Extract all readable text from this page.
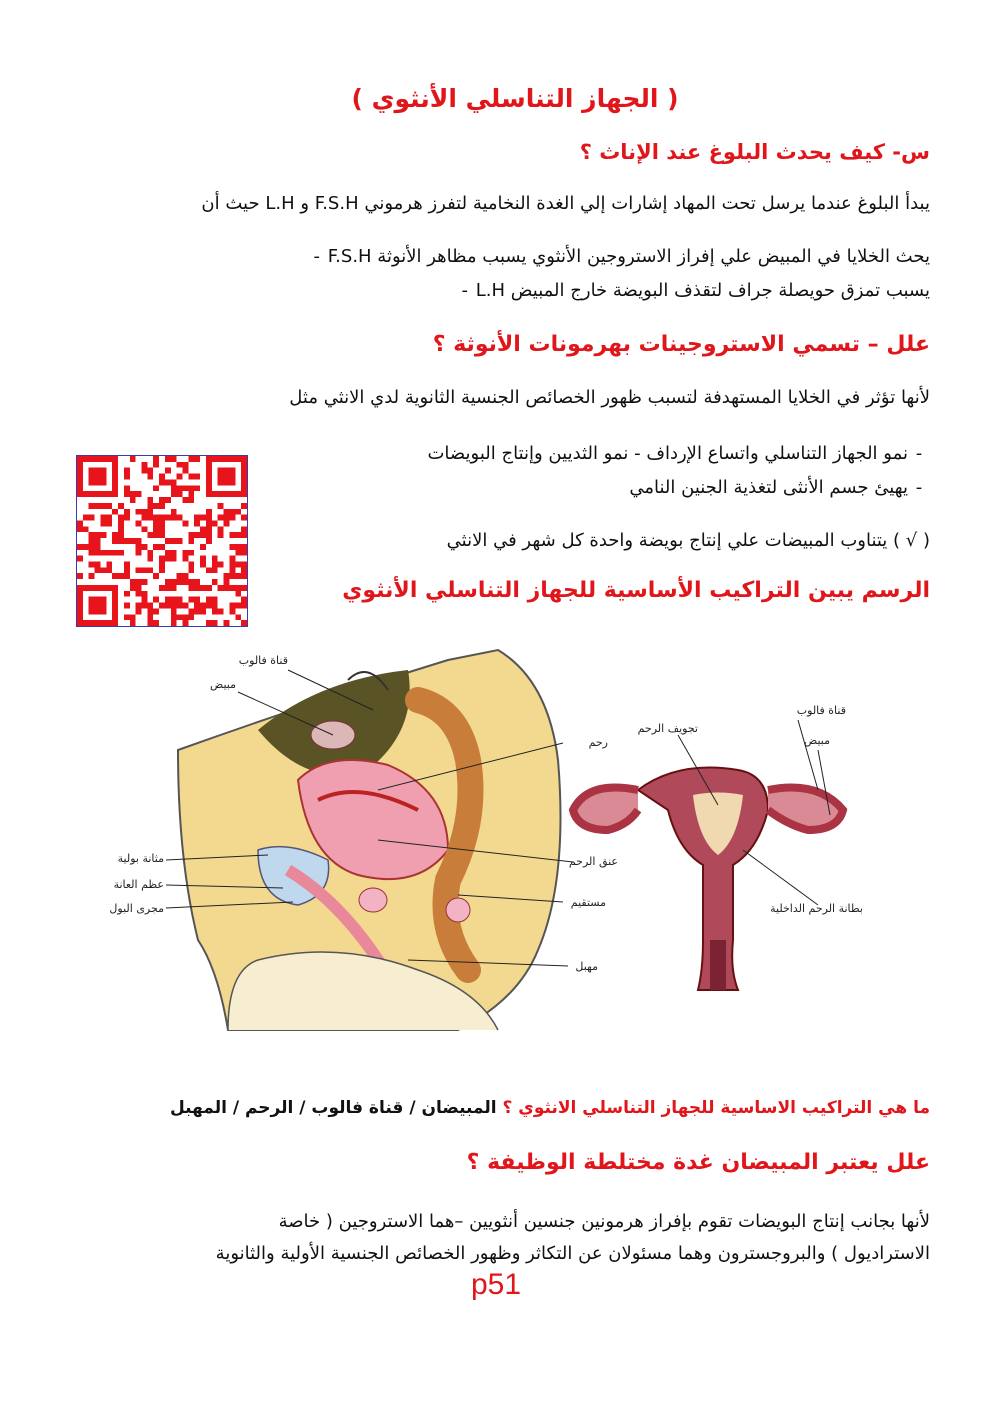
( الجهاز التناسلي الأنثوي )
س- كيف يحدث البلوغ عند الإناث ؟
يبدأ البلوغ عندما يرسل تحت المهاد إشارات إلي الغدة النخامية لتفرز هرموني F.S.H و L.H حيث أن
- F.S.H يحث الخلايا في المبيض علي إفراز الاستروجين الأنثوي يسبب مظاهر الأنوثة
- L.H يسبب تمزق حويصلة جراف لتقذف البويضة خارج المبيض
علل – تسمي الاستروجينات بهرمونات الأنوثة ؟
لأنها تؤثر في الخلايا المستهدفة لتسبب ظهور الخصائص الجنسية الثانوية لدي الانثي مثل
-نمو الجهاز التناسلي واتساع الإرداف - نمو الثديين وإنتاج البويضات
-يهيئ جسم الأنثى لتغذية الجنين النامي
( √ ) يتناوب المبيضات علي إنتاج بويضة واحدة كل شهر في الانثي
الرسم يبين التراكيب الأساسية للجهاز التناسلي الأنثوي
مبيض
قناة فالوب
رحم
مثانة بولية
عظم العانة
مجرى البول
عنق الرحم
مستقيم
مهبل
تجويف الرحم
قناة فالوب
مبيض
بطانة الرحم الداخلية
ما هي التراكيب الاساسية للجهاز التناسلي الانثوي ؟ المبيضان / قناة فالوب / الرحم / المهبل
علل يعتبر المبيضان غدة مختلطة الوظيفة ؟
لأنها بجانب إنتاج البويضات تقوم بإفراز هرمونين جنسين أنثويين –هما الاستروجين ( خاصة
الاستراديول ) والبروجسترون وهما مسئولان عن التكاثر وظهور الخصائص الجنسية الأولية والثانوية
p51
